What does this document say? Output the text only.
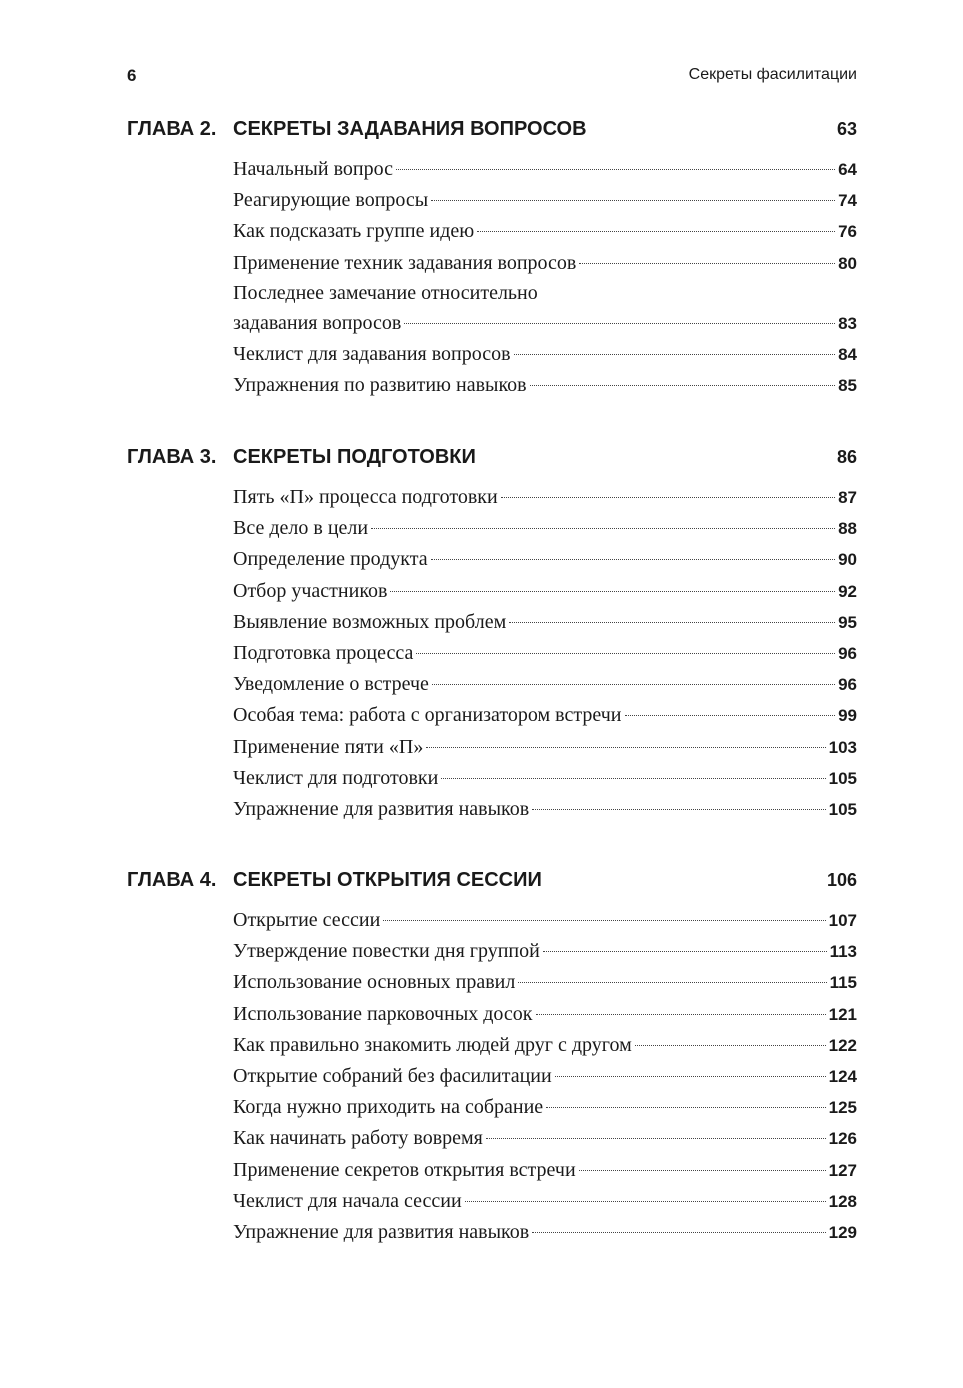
6	Секреты фасилитации
ГЛАВА 2. СЕКРЕТЫ ЗАДАВАНИЯ ВОПРОСОВ	63
Начальный вопрос	64
Реагирующие вопросы	74
Как подсказать группе идею	76
Применение техник задавания вопросов	80
Последнее замечание относительно
задавания вопросов	83
Чеклист для задавания вопросов	84
Упражнения по развитию навыков	85
ГЛАВА 3. СЕКРЕТЫ ПОДГОТОВКИ	86
Пять «П» процесса подготовки	87
Все дело в цели	88
Определение продукта	90
Отбор участников	92
Выявление возможных проблем	95
Подготовка процесса	96
Уведомление о встрече	96
Особая тема: работа с организатором встречи	99
Применение пяти «П»	103
Чеклист для подготовки	105
Упражнение для развития навыков	105
ГЛАВА 4. СЕКРЕТЫ ОТКРЫТИЯ СЕССИИ	106
Открытие сессии	107
Утверждение повестки дня группой	113
Использование основных правил	115
Использование парковочных досок	121
Как правильно знакомить людей друг с другом	122
Открытие собраний без фасилитации	124
Когда нужно приходить на собрание	125
Как начинать работу вовремя	126
Применение секретов открытия встречи	127
Чеклист для начала сессии	128
Упражнение для развития навыков	129
